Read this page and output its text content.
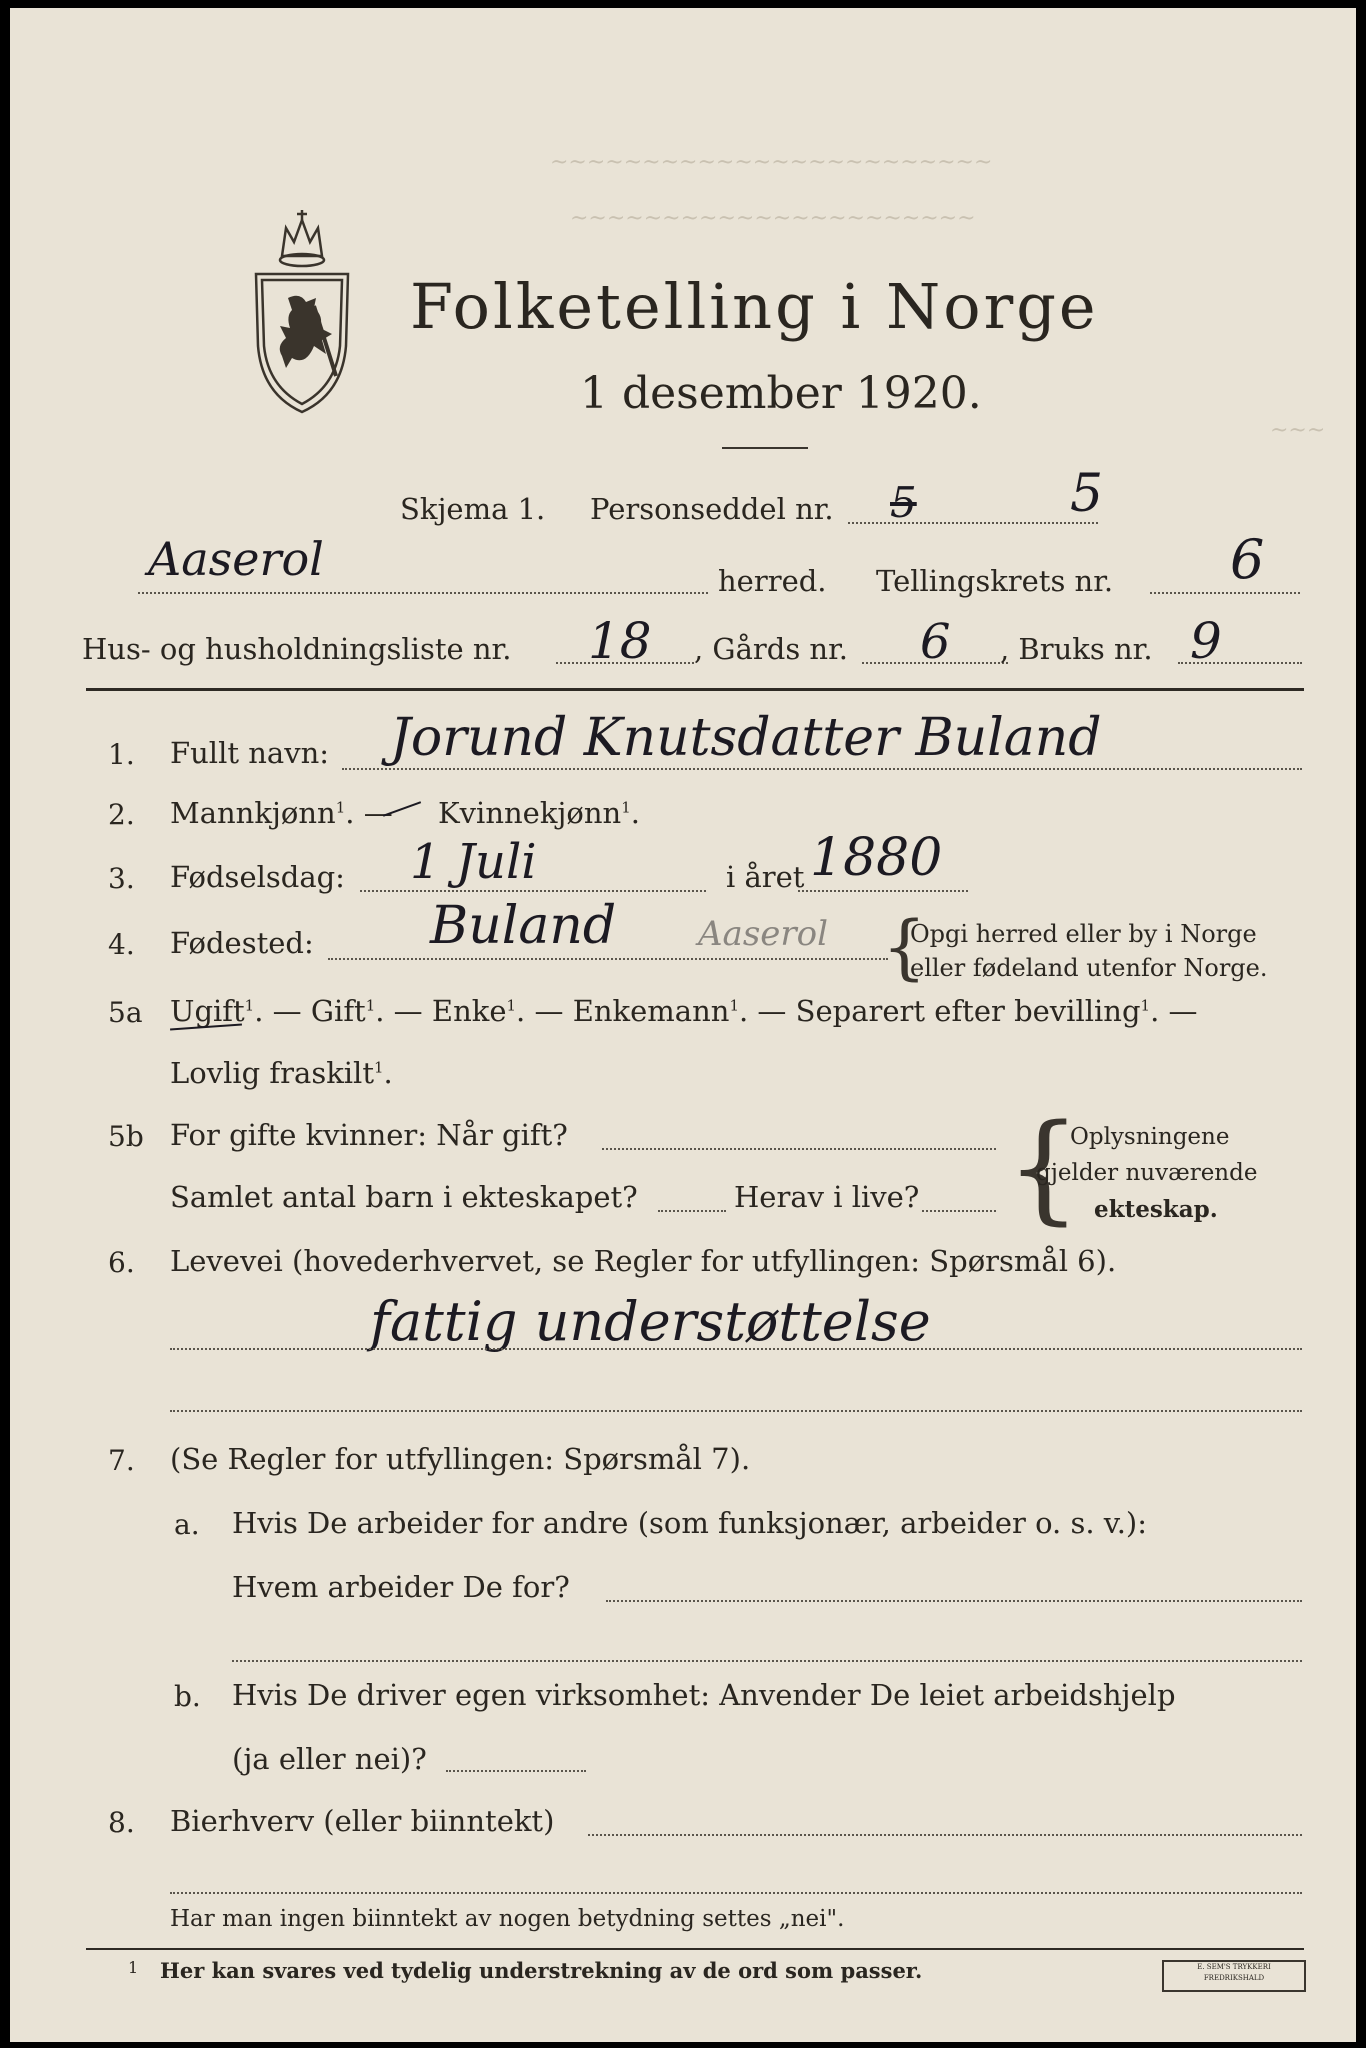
~~~~~~~~~~~~~~~~~~~~~~~~
~~~~~~~~~~~~~~~~~~~~~~
~~~
Folketelling i Norge
1 desember 1920.
Skjema 1. Personseddel nr.	5
5
Aaserol	herred. Tellingskrets nr. 6
Hus- og husholdningsliste nr. 18 , Gårds nr. 6 , Bruks nr. 9
1. Fullt navn: Jorund Knutsdatter Buland
2. Mannkjønn$^1$. — Kvinnekjønn$^1$.
3. Fødselsdag: 1 Juli	i året 1880
4. Fødested: Buland Aaserol {
Opgi herred eller by i Norge
eller fødeland utenfor Norge.
5a Ugift$^1$. — Gift$^1$. — Enke$^1$. — Enkemann$^1$. — Separert efter bevilling$^1$. —
Lovlig fraskilt$^1$.
5b For gifte kvinner: Når gift?
Samlet antal barn i ekteskapet?	Herav i live? {
Oplysningene
gjelder nuværende
ekteskap.
6. Levevei (hovederhvervet, se Regler for utfyllingen: Spørsmål 6).
fattig understøttelse
7. (Se Regler for utfyllingen: Spørsmål 7).
a. Hvis De arbeider for andre (som funksjonær, arbeider o. s. v.):
Hvem arbeider De for?
b. Hvis De driver egen virksomhet: Anvender De leiet arbeidshjelp
(ja eller nei)?
8. Bierhverv (eller biinntekt)
Har man ingen biinntekt av nogen betydning settes „nei".
1 Her kan svares ved tydelig understrekning av de ord som passer.	E. SEM'S TRYKKERI
FREDRIKSHALD
